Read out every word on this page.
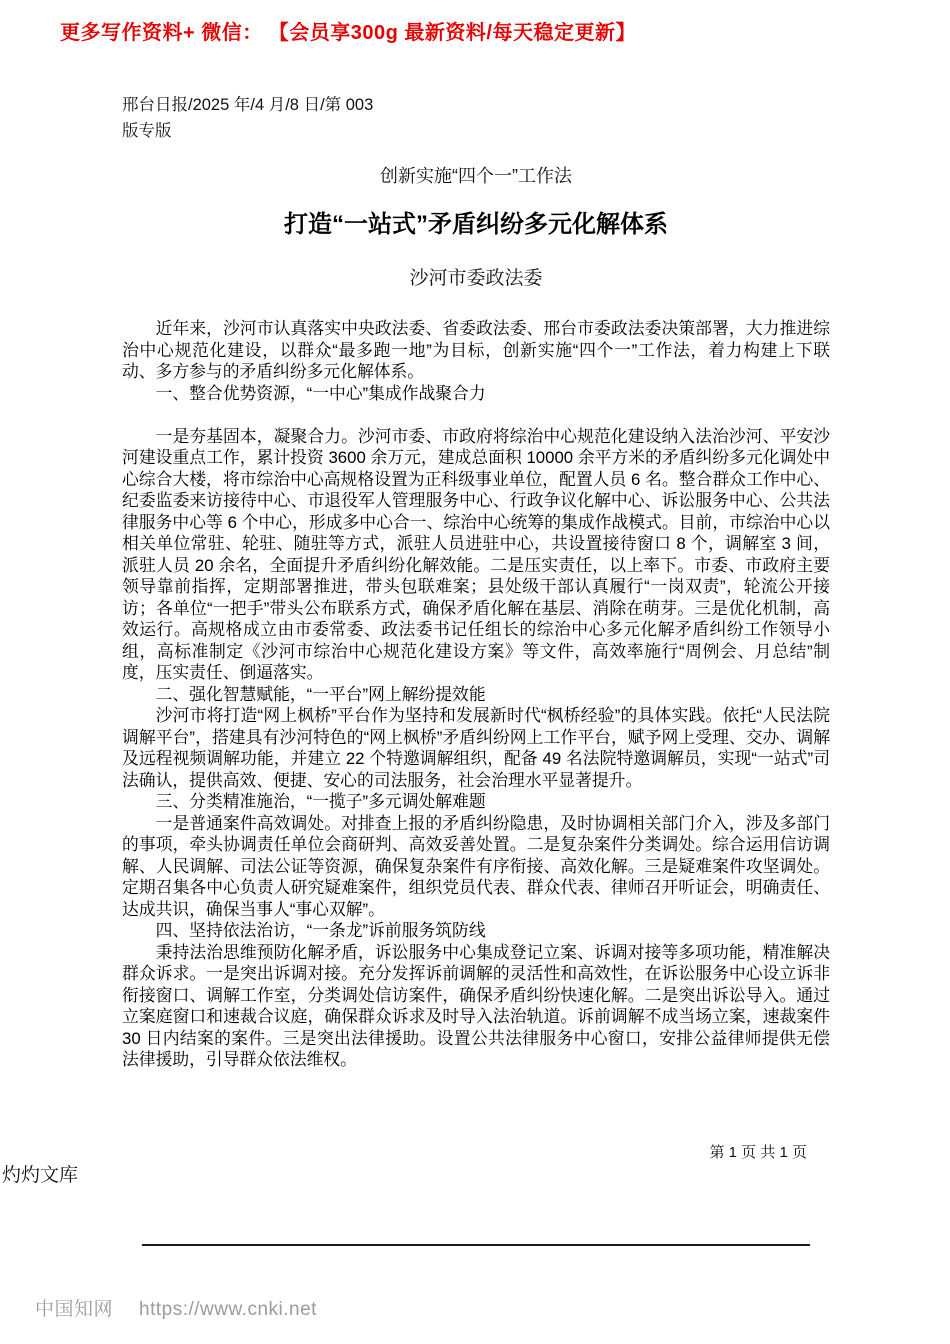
更多写作资料+ 微信： 【会员享300g 最新资料/每天稳定更新】
邢台日报/2025 年/4 月/8 日/第 003
版专版
创新实施“四个一”工作法
打造“一站式”矛盾纠纷多元化解体系
沙河市委政法委

近年来，沙河市认真落实中央政法委、省委政法委、邢台市委政法委决策部署，大力推进综治中心规范化建设，以群众“最多跑一地”为目标，创新实施“四个一”工作法，着力构建上下联动、多方参与的矛盾纠纷多元化解体系。

一、整合优势资源，“一中心”集成作战聚合力

一是夯基固本，凝聚合力。沙河市委、市政府将综治中心规范化建设纳入法治沙河、平安沙河建设重点工作，累计投资 3600 余万元，建成总面积 10000 余平方米的矛盾纠纷多元化调处中心综合大楼，将市综治中心高规格设置为正科级事业单位，配置人员 6 名。整合群众工作中心、纪委监委来访接待中心、市退役军人管理服务中心、行政争议化解中心、诉讼服务中心、公共法律服务中心等 6 个中心，形成多中心合一、综治中心统筹的集成作战模式。目前，市综治中心以相关单位常驻、轮驻、随驻等方式，派驻人员进驻中心，共设置接待窗口 8 个，调解室 3 间，派驻人员 20 余名，全面提升矛盾纠纷化解效能。二是压实责任，以上率下。市委、市政府主要领导靠前指挥，定期部署推进，带头包联难案；县处级干部认真履行“一岗双责”，轮流公开接访；各单位“一把手”带头公布联系方式，确保矛盾化解在基层、消除在萌芽。三是优化机制，高效运行。高规格成立由市委常委、政法委书记任组长的综治中心多元化解矛盾纠纷工作领导小组，高标准制定《沙河市综治中心规范化建设方案》等文件，高效率施行“周例会、月总结”制度，压实责任、倒逼落实。

二、强化智慧赋能，“一平台”网上解纷提效能

沙河市将打造“网上枫桥”平台作为坚持和发展新时代“枫桥经验”的具体实践。依托“人民法院调解平台”，搭建具有沙河特色的“网上枫桥”矛盾纠纷网上工作平台，赋予网上受理、交办、调解及远程视频调解功能，并建立 22 个特邀调解组织，配备 49 名法院特邀调解员，实现“一站式”司法确认，提供高效、便捷、安心的司法服务，社会治理水平显著提升。

三、分类精准施治，“一揽子”多元调处解难题

一是普通案件高效调处。对排查上报的矛盾纠纷隐患，及时协调相关部门介入，涉及多部门的事项，牵头协调责任单位会商研判、高效妥善处置。二是复杂案件分类调处。综合运用信访调解、人民调解、司法公证等资源，确保复杂案件有序衔接、高效化解。三是疑难案件攻坚调处。定期召集各中心负责人研究疑难案件，组织党员代表、群众代表、律师召开听证会，明确责任、达成共识，确保当事人“事心双解”。

四、坚持依法治访，“一条龙”诉前服务筑防线

秉持法治思维预防化解矛盾，诉讼服务中心集成登记立案、诉调对接等多项功能，精准解决群众诉求。一是突出诉调对接。充分发挥诉前调解的灵活性和高效性，在诉讼服务中心设立诉非衔接窗口、调解工作室，分类调处信访案件，确保矛盾纠纷快速化解。二是突出诉讼导入。通过立案庭窗口和速裁合议庭，确保群众诉求及时导入法治轨道。诉前调解不成当场立案，速裁案件 30 日内结案的案件。三是突出法律援助。设置公共法律服务中心窗口，安排公益律师提供无偿法律援助，引导群众依法维权。

第 1 页 共 1 页
灼灼文库
中国知网 https://www.cnki.net
